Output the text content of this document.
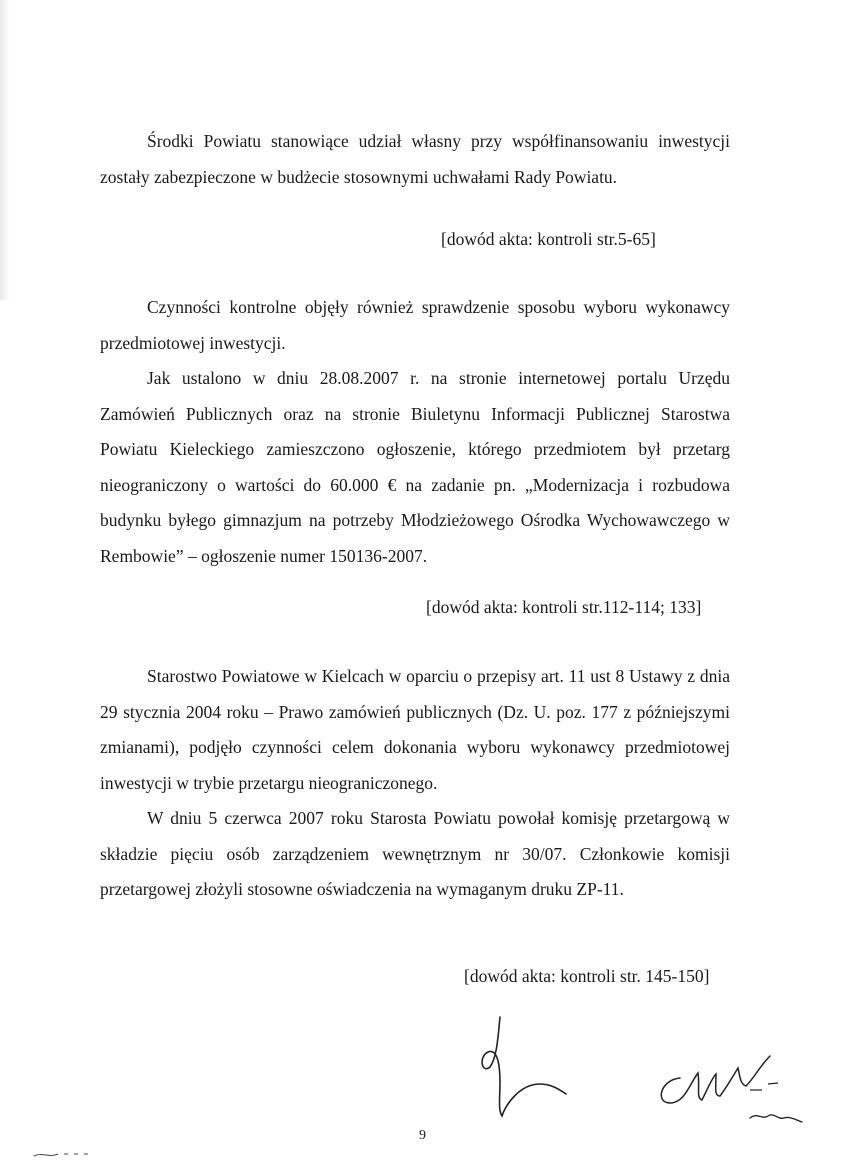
Środki Powiatu stanowiące udział własny przy współfinansowaniu inwestycji zostały zabezpieczone w budżecie stosownymi uchwałami Rady Powiatu.

[dowód akta: kontroli str.5-65]

Czynności kontrolne objęły również sprawdzenie sposobu wyboru wykonawcy przedmiotowej inwestycji.

Jak ustalono w dniu 28.08.2007 r. na stronie internetowej portalu Urzędu Zamówień Publicznych oraz na stronie Biuletynu Informacji Publicznej Starostwa Powiatu Kieleckiego zamieszczono ogłoszenie, którego przedmiotem był przetarg nieograniczony o wartości do 60.000 € na zadanie pn. „Modernizacja i rozbudowa budynku byłego gimnazjum na potrzeby Młodzieżowego Ośrodka Wychowawczego w Rembowie” – ogłoszenie numer 150136-2007.

[dowód akta: kontroli str.112-114; 133]

Starostwo Powiatowe w Kielcach w oparciu o przepisy art. 11 ust 8 Ustawy z dnia 29 stycznia 2004 roku – Prawo zamówień publicznych (Dz. U. poz. 177 z późniejszymi zmianami), podjęło czynności celem dokonania wyboru wykonawcy przedmiotowej inwestycji w trybie przetargu nieograniczonego.

W dniu 5 czerwca 2007 roku Starosta Powiatu powołał komisję przetargową w składzie pięciu osób zarządzeniem wewnętrznym nr 30/07. Członkowie komisji przetargowej złożyli stosowne oświadczenia na wymaganym druku ZP-11.

[dowód akta: kontroli str. 145-150]
9
